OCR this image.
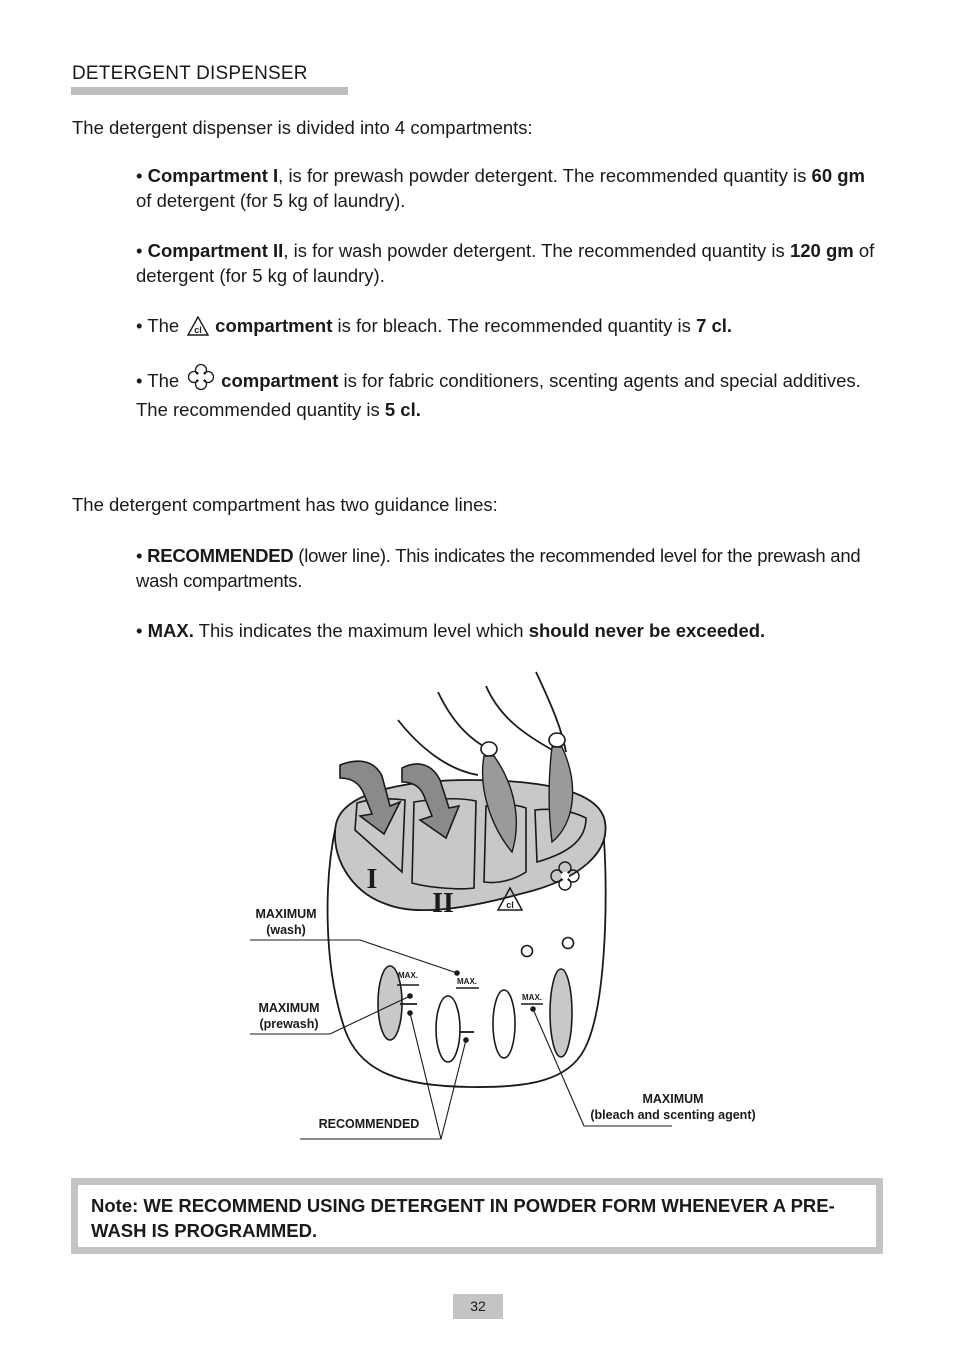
DETERGENT DISPENSER
The detergent dispenser is divided into 4 compartments:
• Compartment I, is for prewash powder detergent. The recommended quantity is 60 gm of detergent (for 5 kg of laundry).
• Compartment II, is for wash powder detergent. The recommended quantity is 120 gm of detergent (for 5 kg of laundry).
• The cl compartment is for bleach. The recommended quantity is 7 cl.
• The compartment is for fabric conditioners, scenting agents and special additives. The recommended quantity is 5 cl.
The detergent compartment has two guidance lines:
• RECOMMENDED (lower line). This indicates the recommended level for the prewash and wash compartments.
• MAX. This indicates the maximum level which should never be exceeded.
I
II	cl
MAX.
MAX.
MAX.
MAXIMUM
(wash)
MAXIMUM
(prewash)
RECOMMENDED
MAXIMUM
(bleach and scenting agent)
Note: WE RECOMMEND USING DETERGENT IN POWDER FORM WHENEVER A PRE-WASH IS PROGRAMMED.
32
